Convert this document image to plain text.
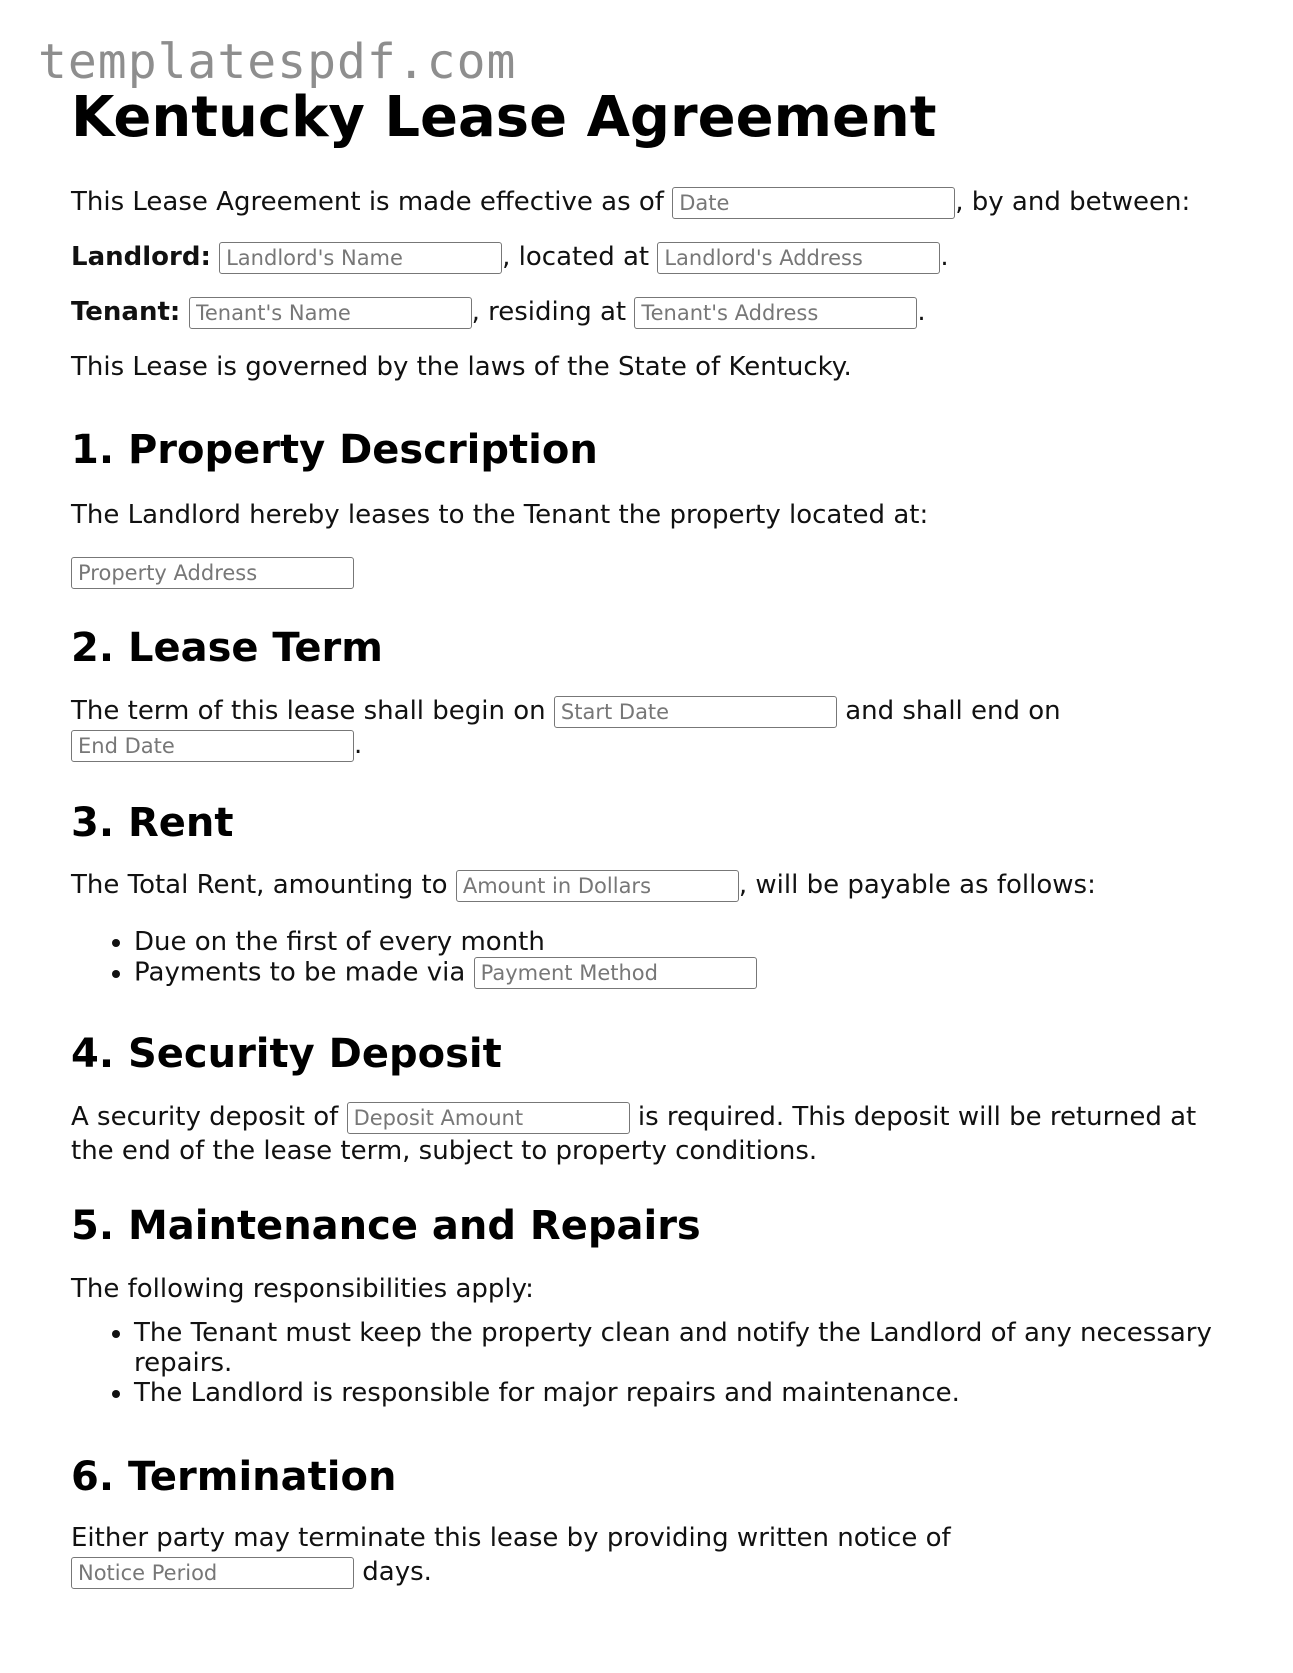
templatespdf.com
Kentucky Lease Agreement
This Lease Agreement is made effective as of Date	, by and between:
Landlord: Landlord's Name	, located at Landlord's Address	.
Tenant: Tenant's Name	, residing at Tenant's Address	.
This Lease is governed by the laws of the State of Kentucky.
1. Property Description
The Landlord hereby leases to the Tenant the property located at:
Property Address
2. Lease Term
The term of this lease shall begin on Start Date	and shall end on
End Date.
3. Rent
The Total Rent, amounting to Amount in Dollars	, will be payable as follows:
• Due on the first of every month
• Payments to be made via Payment Method
4. Security Deposit
A security deposit of Deposit Amount	is required. This deposit will be returned at the end of the lease term, subject to property conditions.
5. Maintenance and Repairs
The following responsibilities apply:
• The Tenant must keep the property clean and notify the Landlord of any necessary repairs.
• The Landlord is responsible for major repairs and maintenance.
6. Termination
Either party may terminate this lease by providing written notice of Notice Period days.
